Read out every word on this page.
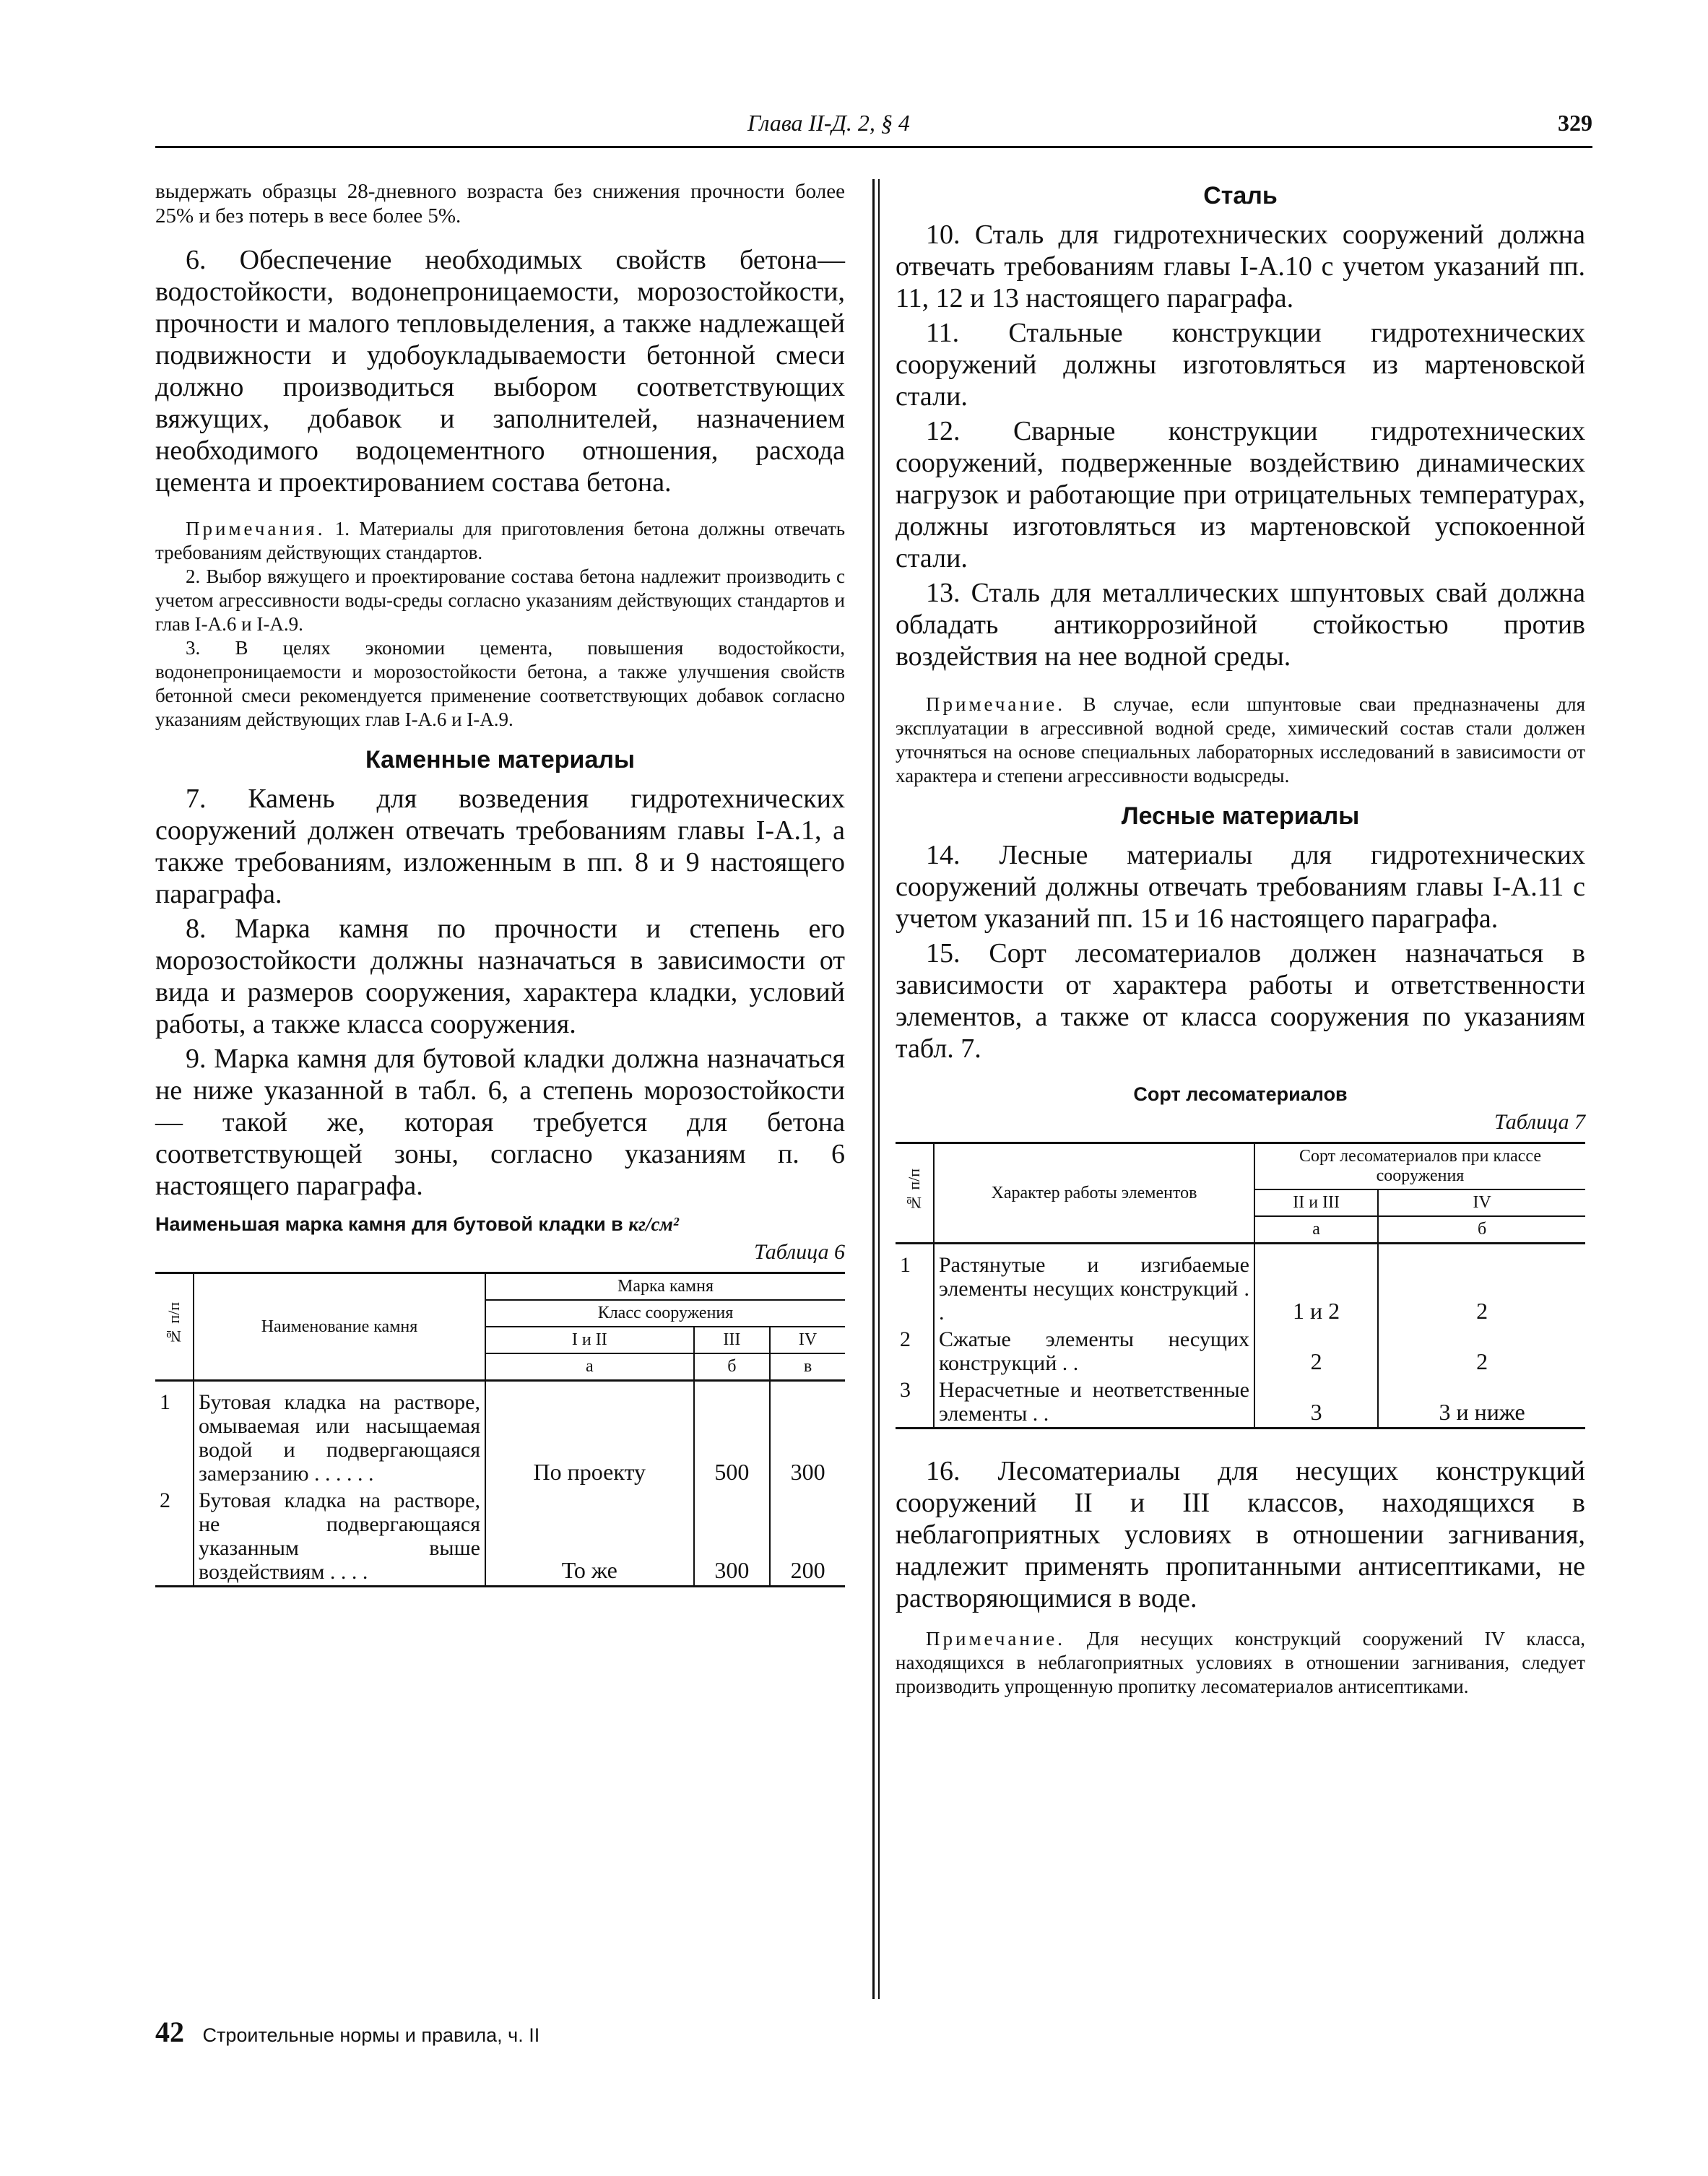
Глава II-Д. 2, § 4	329

выдержать образцы 28-дневного возраста без снижения прочности более 25% и без потерь в весе более 5%.

6. Обеспечение необходимых свойств бетона— водостойкости, водонепроницаемости, морозостойкости, прочности и малого тепловыделения, а также надлежащей подвижности и удобоукладываемости бетонной смеси должно производиться выбором соответствующих вяжущих, добавок и заполнителей, назначением необходимого водоцементного отношения, расхода цемента и проектированием состава бетона.

Примечания. 1. Материалы для приготовления бетона должны отвечать требованиям действующих стандартов.

2. Выбор вяжущего и проектирование состава бетона надлежит производить с учетом агрессивности воды-среды согласно указаниям действующих стандартов и глав I-А.6 и I-А.9.

3. В целях экономии цемента, повышения водостойкости, водонепроницаемости и морозостойкости бетона, а также улучшения свойств бетонной смеси рекомендуется применение соответствующих добавок согласно указаниям действующих глав I-А.6 и I-А.9.

Каменные материалы

7. Камень для возведения гидротехнических сооружений должен отвечать требованиям главы I-А.1, а также требованиям, изложенным в пп. 8 и 9 настоящего параграфа.

8. Марка камня по прочности и степень его морозостойкости должны назначаться в зависимости от вида и размеров сооружения, характера кладки, условий работы, а также класса сооружения.

9. Марка камня для бутовой кладки должна назначаться не ниже указанной в табл. 6, а степень морозостойкости — такой же, которая требуется для бетона соответствующей зоны, согласно указаниям п. 6 настоящего параграфа.

Наименьшая марка камня для бутовой кладки в кг/см²
Таблица 6
№ п/п	Наименование камня	Марка камня		
		Класс сооружения		
		I и II	III	IV
		а	б	в

1	Бутовая кладка на растворе, омываемая или насыщаемая водой и подвергающаяся замерзанию . . . . . .	По проекту	500	300
2	Бутовая кладка на растворе, не подвергающаяся указанным выше воздействиям . . . .	То же	300	200
Сталь

10. Сталь для гидротехнических сооружений должна отвечать требованиям главы I-А.10 с учетом указаний пп. 11, 12 и 13 настоящего параграфа.

11. Стальные конструкции гидротехнических сооружений должны изготовляться из мартеновской стали.

12. Сварные конструкции гидротехнических сооружений, подверженные воздействию динамических нагрузок и работающие при отрицательных температурах, должны изготовляться из мартеновской успокоенной стали.

13. Сталь для металлических шпунтовых свай должна обладать антикоррозийной стойкостью против воздействия на нее водной среды.

Примечание. В случае, если шпунтовые сваи предназначены для эксплуатации в агрессивной водной среде, химический состав стали должен уточняться на основе специальных лабораторных исследований в зависимости от характера и степени агрессивности водысреды.

Лесные материалы

14. Лесные материалы для гидротехнических сооружений должны отвечать требованиям главы I-А.11 с учетом указаний пп. 15 и 16 настоящего параграфа.

15. Сорт лесоматериалов должен назначаться в зависимости от характера работы и ответственности элементов, а также от класса сооружения по указаниям табл. 7.

Сорт лесоматериалов
Таблица 7
№ п/п	Характер работы элементов	Сорт лесоматериалов при классе сооружения	
		II и III	IV
		а	б

1	Растянутые и изгибаемые элементы несущих конструкций . .	1 и 2	2
2	Сжатые элементы несущих конструкций . .	2	2
3	Нерасчетные и неответственные элементы . .	3	3 и ниже

16. Лесоматериалы для несущих конструкций сооружений II и III классов, находящихся в неблагоприятных условиях в отношении загнивания, надлежит применять пропитанными антисептиками, не растворяющимися в воде.

Примечание. Для несущих конструкций сооружений IV класса, находящихся в неблагоприятных условиях в отношении загнивания, следует производить упрощенную пропитку лесоматериалов антисептиками.

42 Строительные нормы и правила, ч. II
